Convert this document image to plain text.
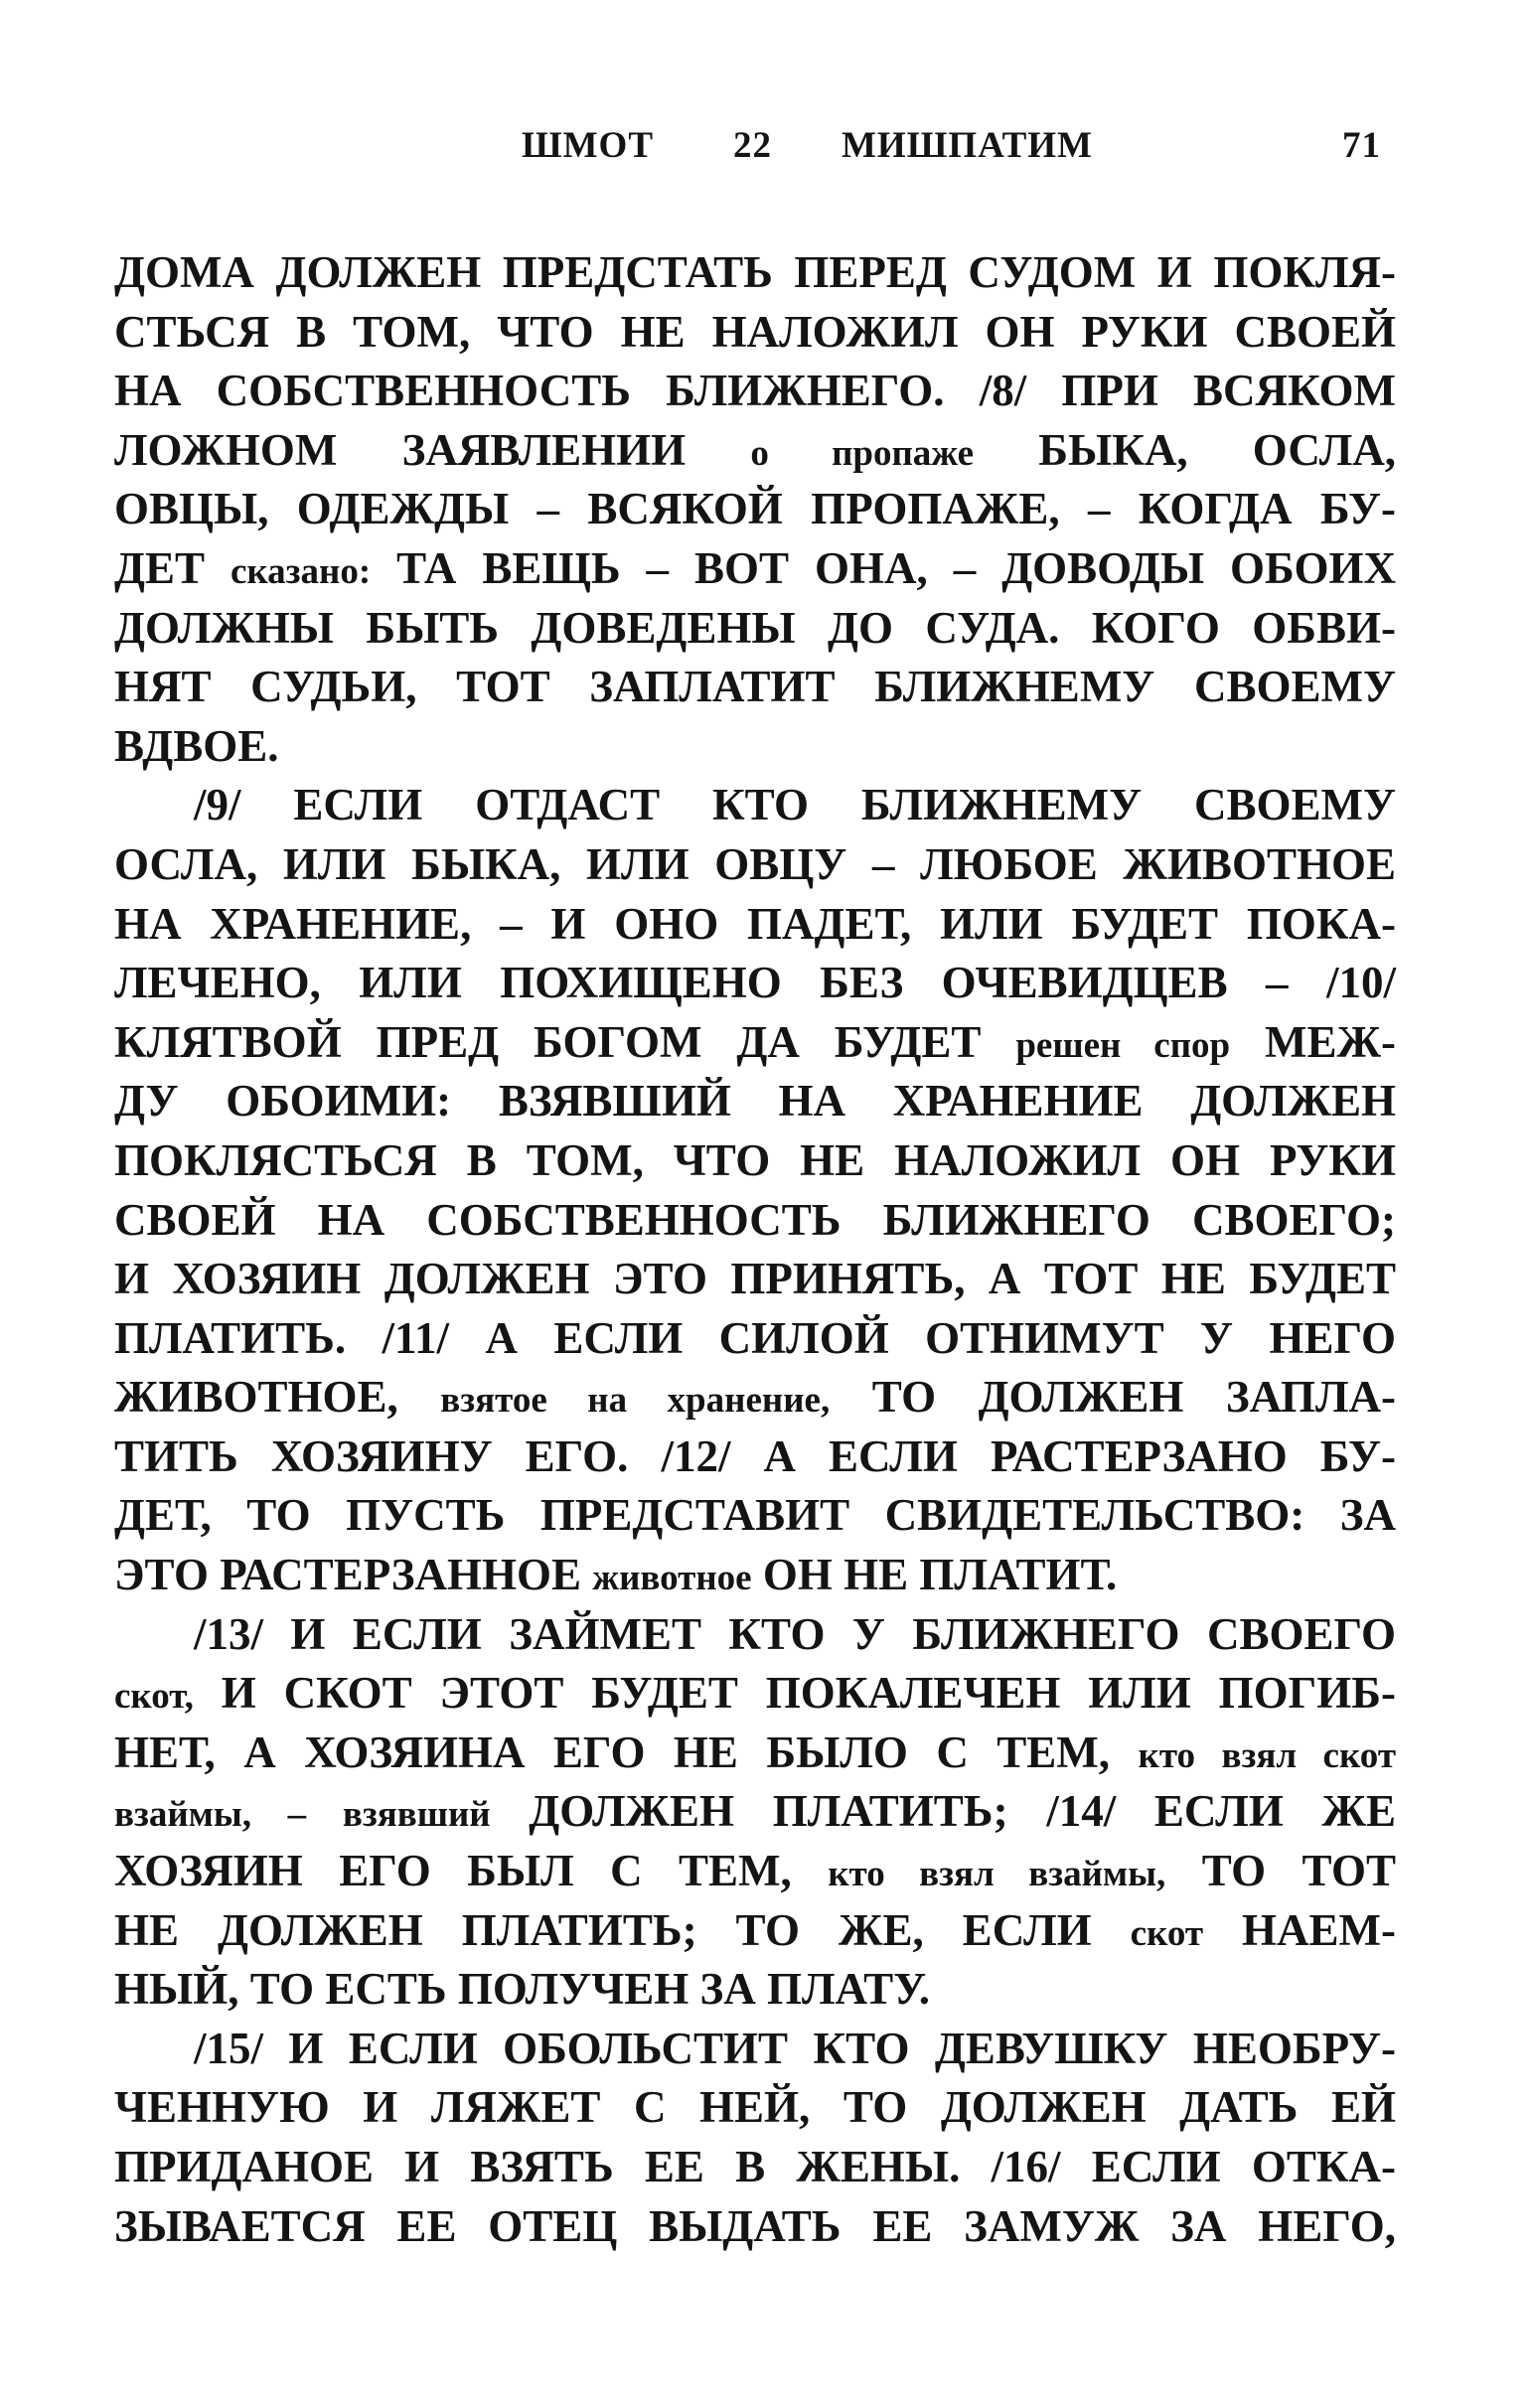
ШМОТ 22 МИШПАТИМ	71
ДОМА ДОЛЖЕН ПРЕДСТАТЬ ПЕРЕД СУДОМ И ПОКЛЯ-
СТЬСЯ В ТОМ, ЧТО НЕ НАЛОЖИЛ ОН РУКИ СВОЕЙ
НА СОБСТВЕННОСТЬ БЛИЖНЕГО. /8/ ПРИ ВСЯКОМ
ЛОЖНОМ ЗАЯВЛЕНИИ о пропаже БЫКА, ОСЛА,
ОВЦЫ, ОДЕЖДЫ – ВСЯКОЙ ПРОПАЖЕ, – КОГДА БУ-
ДЕТ сказано: ТА ВЕЩЬ – ВОТ ОНА, – ДОВОДЫ ОБОИХ
ДОЛЖНЫ БЫТЬ ДОВЕДЕНЫ ДО СУДА. КОГО ОБВИ-
НЯТ СУДЬИ, ТОТ ЗАПЛАТИТ БЛИЖНЕМУ СВОЕМУ
ВДВОЕ.
/9/ ЕСЛИ ОТДАСТ КТО БЛИЖНЕМУ СВОЕМУ
ОСЛА, ИЛИ БЫКА, ИЛИ ОВЦУ – ЛЮБОЕ ЖИВОТНОЕ
НА ХРАНЕНИЕ, – И ОНО ПАДЕТ, ИЛИ БУДЕТ ПОКА-
ЛЕЧЕНО, ИЛИ ПОХИЩЕНО БЕЗ ОЧЕВИДЦЕВ – /10/
КЛЯТВОЙ ПРЕД БОГОМ ДА БУДЕТ решен спор МЕЖ-
ДУ ОБОИМИ: ВЗЯВШИЙ НА ХРАНЕНИЕ ДОЛЖЕН
ПОКЛЯСТЬСЯ В ТОМ, ЧТО НЕ НАЛОЖИЛ ОН РУКИ
СВОЕЙ НА СОБСТВЕННОСТЬ БЛИЖНЕГО СВОЕГО;
И ХОЗЯИН ДОЛЖЕН ЭТО ПРИНЯТЬ, А ТОТ НЕ БУДЕТ
ПЛАТИТЬ. /11/ А ЕСЛИ СИЛОЙ ОТНИМУТ У НЕГО
ЖИВОТНОЕ, взятое на хранение, ТО ДОЛЖЕН ЗАПЛА-
ТИТЬ ХОЗЯИНУ ЕГО. /12/ А ЕСЛИ РАСТЕРЗАНО БУ-
ДЕТ, ТО ПУСТЬ ПРЕДСТАВИТ СВИДЕТЕЛЬСТВО: ЗА
ЭТО РАСТЕРЗАННОЕ животное ОН НЕ ПЛАТИТ.
/13/ И ЕСЛИ ЗАЙМЕТ КТО У БЛИЖНЕГО СВОЕГО
скот, И СКОТ ЭТОТ БУДЕТ ПОКАЛЕЧЕН ИЛИ ПОГИБ-
НЕТ, А ХОЗЯИНА ЕГО НЕ БЫЛО С ТЕМ, кто взял скот
взаймы, – взявший ДОЛЖЕН ПЛАТИТЬ; /14/ ЕСЛИ ЖЕ
ХОЗЯИН ЕГО БЫЛ С ТЕМ, кто взял взаймы, ТО ТОТ
НЕ ДОЛЖЕН ПЛАТИТЬ; ТО ЖЕ, ЕСЛИ скот НАЕМ-
НЫЙ, ТО ЕСТЬ ПОЛУЧЕН ЗА ПЛАТУ.
/15/ И ЕСЛИ ОБОЛЬСТИТ КТО ДЕВУШКУ НЕОБРУ-
ЧЕННУЮ И ЛЯЖЕТ С НЕЙ, ТО ДОЛЖЕН ДАТЬ ЕЙ
ПРИДАНОЕ И ВЗЯТЬ ЕЕ В ЖЕНЫ. /16/ ЕСЛИ ОТКА-
ЗЫВАЕТСЯ ЕЕ ОТЕЦ ВЫДАТЬ ЕЕ ЗАМУЖ ЗА НЕГО,
